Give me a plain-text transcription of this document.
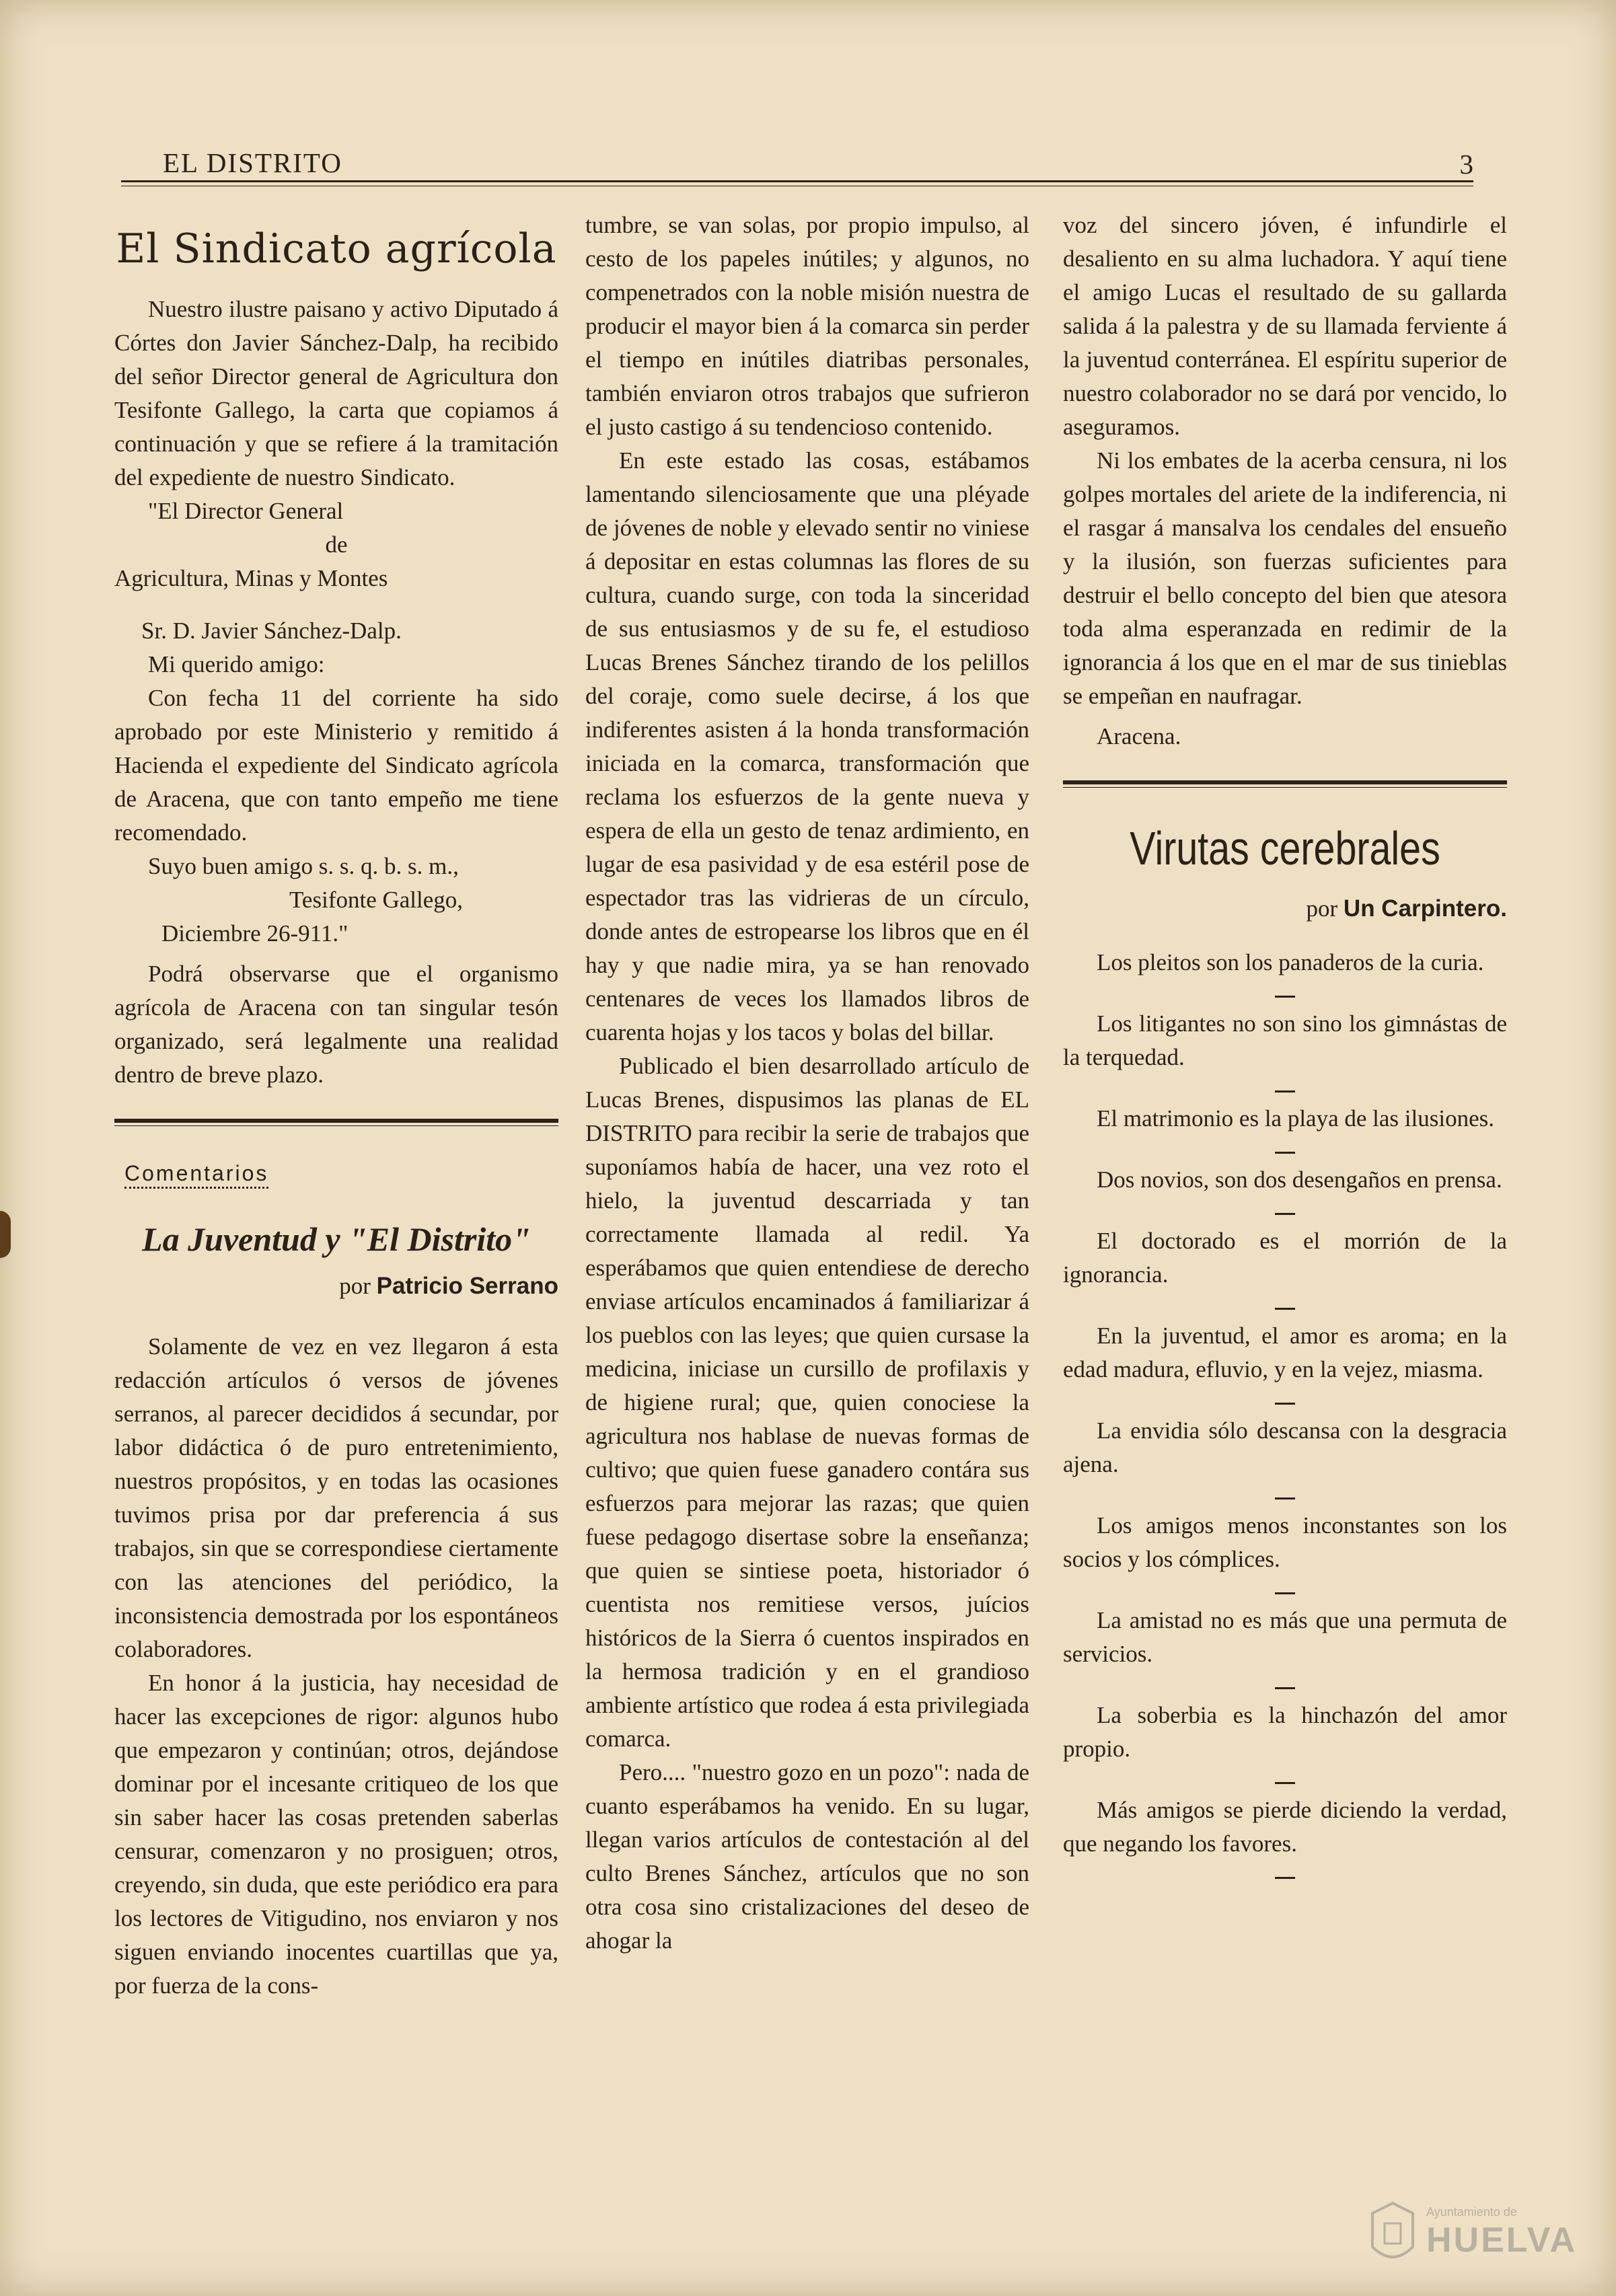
EL DISTRITO	3
El Sindicato agrícola

Nuestro ilustre paisano y activo Diputado á Córtes don Javier Sánchez-Dalp, ha recibido del señor Director general de Agricultura don Tesifonte Gallego, la carta que copiamos á continuación y que se refiere á la tramitación del expediente de nuestro Sindicato.

"El Director General

de

Agricultura, Minas y Montes

Sr. D. Javier Sánchez-Dalp.

Mi querido amigo:

Con fecha 11 del corriente ha sido aprobado por este Ministerio y remitido á Hacienda el expediente del Sindicato agrícola de Aracena, que con tanto empeño me tiene recomendado.

Suyo buen amigo s. s. q. b. s. m.,

Tesifonte Gallego,

Diciembre 26-911."

Podrá observarse que el organismo agrícola de Aracena con tan singular tesón organizado, será legalmente una realidad dentro de breve plazo.

Comentarios
La Juventud y "El Distrito"
por Patricio Serrano

Solamente de vez en vez llegaron á esta redacción artículos ó versos de jóvenes serranos, al parecer decididos á secundar, por labor didáctica ó de puro entretenimiento, nuestros propósitos, y en todas las ocasiones tuvimos prisa por dar preferencia á sus trabajos, sin que se correspondiese ciertamente con las atenciones del periódico, la inconsistencia demostrada por los espontáneos colaboradores.

En honor á la justicia, hay necesidad de hacer las excepciones de rigor: algunos hubo que empezaron y continúan; otros, dejándose dominar por el incesante critiqueo de los que sin saber hacer las cosas pretenden saberlas censurar, comenzaron y no prosiguen; otros, creyendo, sin duda, que este periódico era para los lectores de Vitigudino, nos enviaron y nos siguen enviando inocentes cuartillas que ya, por fuerza de la cons-

tumbre, se van solas, por propio impulso, al cesto de los papeles inútiles; y algunos, no compenetrados con la noble misión nuestra de producir el mayor bien á la comarca sin perder el tiempo en inútiles diatribas personales, también enviaron otros trabajos que sufrieron el justo castigo á su tendencioso contenido.

En este estado las cosas, estábamos lamentando silenciosamente que una pléyade de jóvenes de noble y elevado sentir no viniese á depositar en estas columnas las flores de su cultura, cuando surge, con toda la sinceridad de sus entusiasmos y de su fe, el estudioso Lucas Brenes Sánchez tirando de los pelillos del coraje, como suele decirse, á los que indiferentes asisten á la honda transformación iniciada en la comarca, transformación que reclama los esfuerzos de la gente nueva y espera de ella un gesto de tenaz ardimiento, en lugar de esa pasividad y de esa estéril pose de espectador tras las vidrieras de un círculo, donde antes de estropearse los libros que en él hay y que nadie mira, ya se han renovado centenares de veces los llamados libros de cuarenta hojas y los tacos y bolas del billar.

Publicado el bien desarrollado artículo de Lucas Brenes, dispusimos las planas de EL DISTRITO para recibir la serie de trabajos que suponíamos había de hacer, una vez roto el hielo, la juventud descarriada y tan correctamente llamada al redil. Ya esperábamos que quien entendiese de derecho enviase artículos encaminados á familiarizar á los pueblos con las leyes; que quien cursase la medicina, iniciase un cursillo de profilaxis y de higiene rural; que, quien conociese la agricultura nos hablase de nuevas formas de cultivo; que quien fuese ganadero contára sus esfuerzos para mejorar las razas; que quien fuese pedagogo disertase sobre la enseñanza; que quien se sintiese poeta, historiador ó cuentista nos remitiese versos, juícios históricos de la Sierra ó cuentos inspirados en la hermosa tradición y en el grandioso ambiente artístico que rodea á esta privilegiada comarca.

Pero.... "nuestro gozo en un pozo": nada de cuanto esperábamos ha venido. En su lugar, llegan varios artículos de contestación al del culto Brenes Sánchez, artículos que no son otra cosa sino cristalizaciones del deseo de ahogar la

voz del sincero jóven, é infundirle el desaliento en su alma luchadora. Y aquí tiene el amigo Lucas el resultado de su gallarda salida á la palestra y de su llamada ferviente á la juventud conterránea. El espíritu superior de nuestro colaborador no se dará por vencido, lo aseguramos.

Ni los embates de la acerba censura, ni los golpes mortales del ariete de la indiferencia, ni el rasgar á mansalva los cendales del ensueño y la ilusión, son fuerzas suficientes para destruir el bello concepto del bien que atesora toda alma esperanzada en redimir de la ignorancia á los que en el mar de sus tinieblas se empeñan en naufragar.

Aracena.

Virutas cerebrales
por Un Carpintero.

Los pleitos son los panaderos de la curia.

Los litigantes no son sino los gimnástas de la terquedad.

El matrimonio es la playa de las ilusiones.

Dos novios, son dos desengaños en prensa.

El doctorado es el morrión de la ignorancia.

En la juventud, el amor es aroma; en la edad madura, efluvio, y en la vejez, miasma.

La envidia sólo descansa con la desgracia ajena.

Los amigos menos inconstantes son los socios y los cómplices.

La amistad no es más que una permuta de servicios.

La soberbia es la hinchazón del amor propio.

Más amigos se pierde diciendo la verdad, que negando los favores.

Ayuntamiento de
HUELVA
